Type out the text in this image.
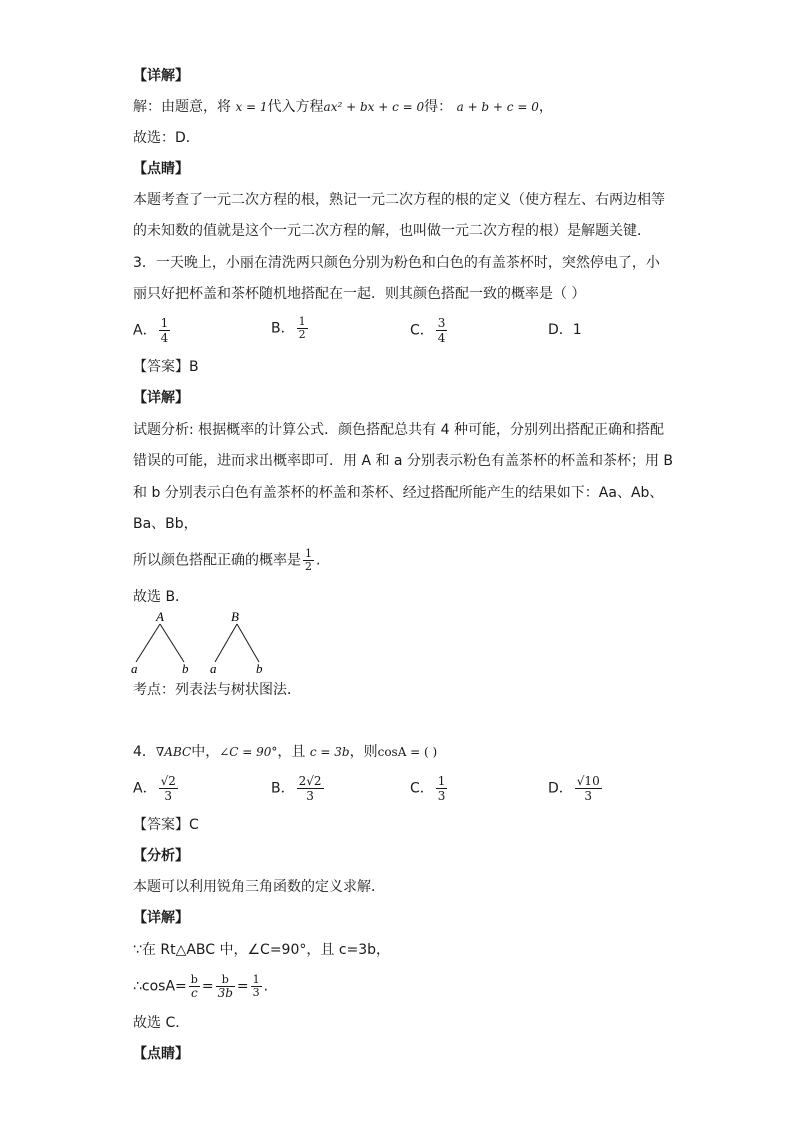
【详解】
解：由题意，将 x = 1代入方程ax² + bx + c = 0得： a + b + c = 0，
故选：D．
【点睛】
本题考查了一元二次方程的根，熟记一元二次方程的根的定义（使方程左、右两边相等
的未知数的值就是这个一元二次方程的解，也叫做一元二次方程的根）是解题关键．
3．一天晚上，小丽在清洗两只颜色分别为粉色和白色的有盖茶杯时，突然停电了，小
丽只好把杯盖和茶杯随机地搭配在一起．则其颜色搭配一致的概率是（ ）
A． $\frac{1}{4}$	B． $\frac{1}{2}$	C． $\frac{3}{4}$	D．1
【答案】B
【详解】
试题分析: 根据概率的计算公式．颜色搭配总共有 4 种可能，分别列出搭配正确和搭配
错误的可能，进而求出概率即可．用 A 和 a 分别表示粉色有盖茶杯的杯盖和茶杯；用 B
和 b 分别表示白色有盖茶杯的杯盖和茶杯、经过搭配所能产生的结果如下：Aa、Ab、
Ba、Bb，
所以颜色搭配正确的概率是 $\frac{1}{2}$ .
故选 B．
A
a	b
B
a	b
考点：列表法与树状图法．
4．∇ABC中，∠C = 90°，且 c = 3b，则cosA = ( )
A． $\frac{√2}{3}$	B． $\frac{2√2}{3}$	C． $\frac{1}{3}$	D． $\frac{√10}{3}$
【答案】C
【分析】
本题可以利用锐角三角函数的定义求解．
【详解】
∵在 Rt△ABC 中，∠C=90°，且 c=3b，
∴cosA= $\frac{b}{c} = \frac{b}{3b} = \frac{1}{3}$ .
故选 C．
【点睛】
